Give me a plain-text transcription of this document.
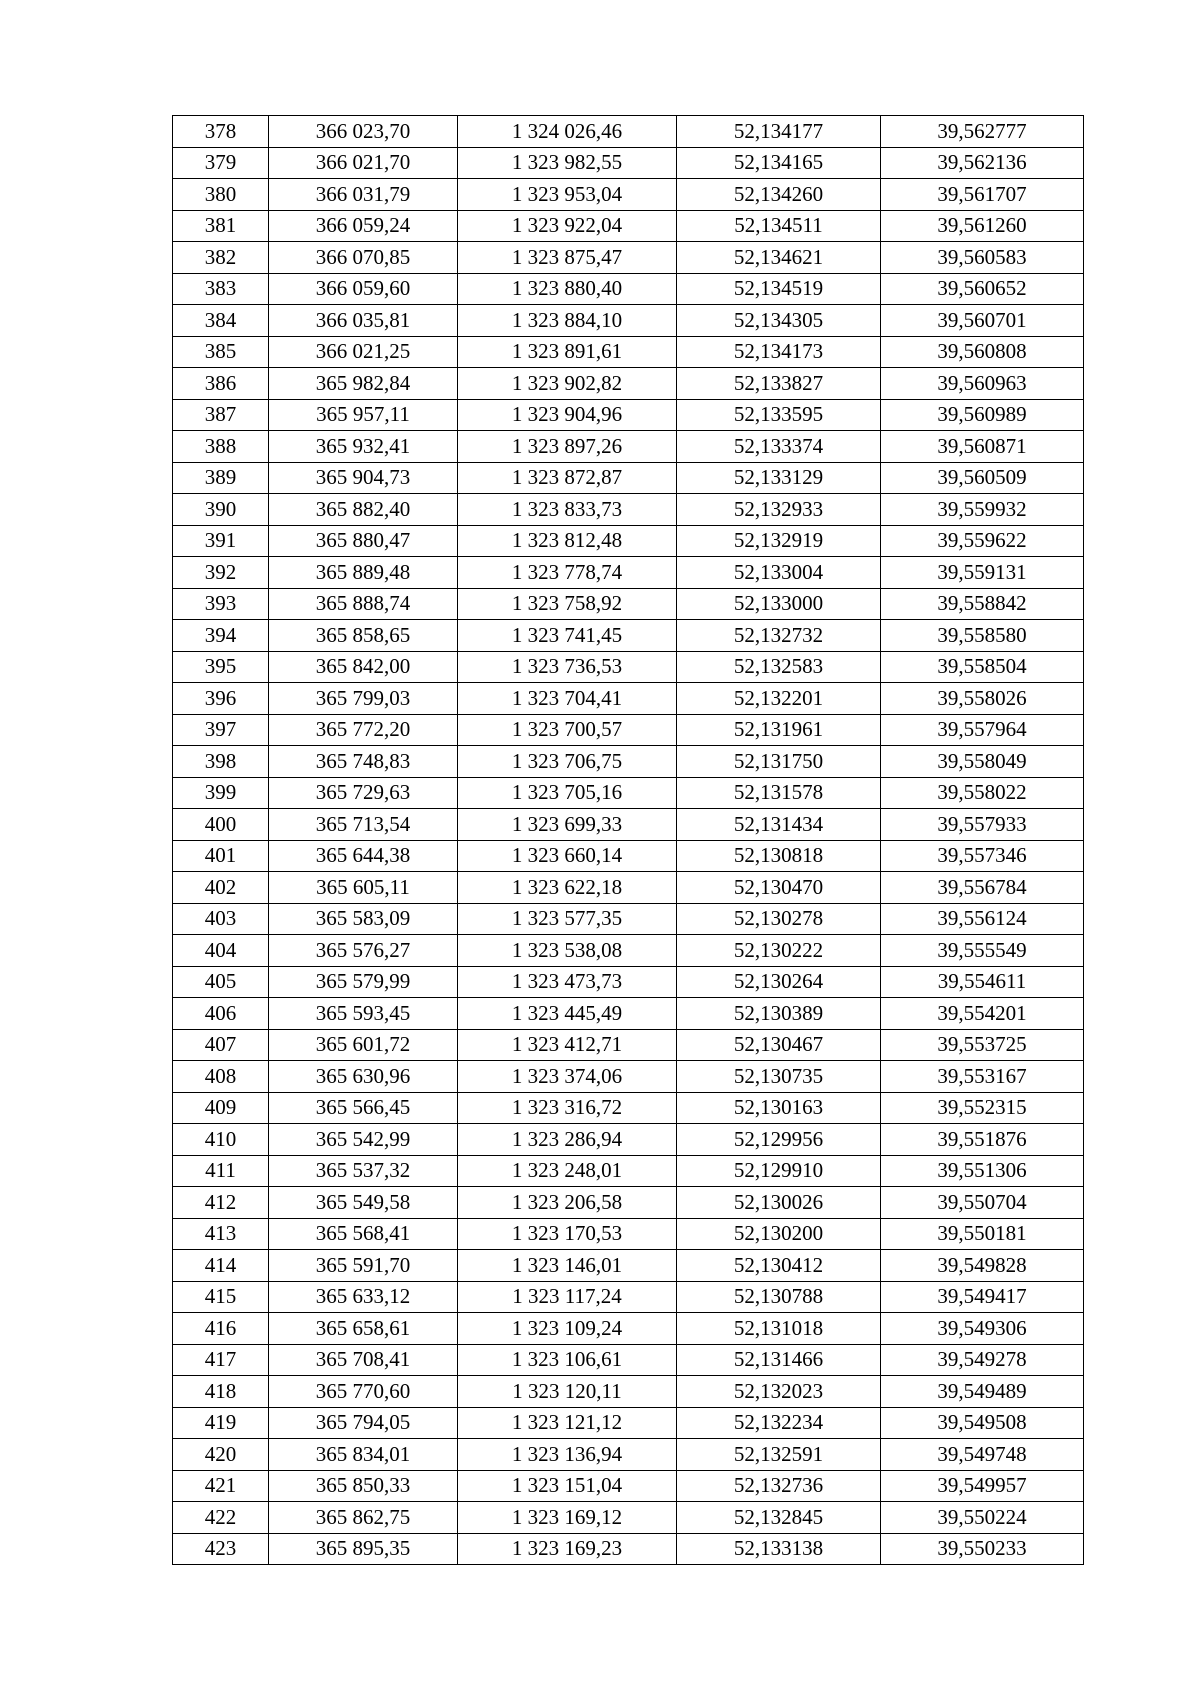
378	366 023,70	1 324 026,46	52,134177	39,562777
379	366 021,70	1 323 982,55	52,134165	39,562136
380	366 031,79	1 323 953,04	52,134260	39,561707
381	366 059,24	1 323 922,04	52,134511	39,561260
382	366 070,85	1 323 875,47	52,134621	39,560583
383	366 059,60	1 323 880,40	52,134519	39,560652
384	366 035,81	1 323 884,10	52,134305	39,560701
385	366 021,25	1 323 891,61	52,134173	39,560808
386	365 982,84	1 323 902,82	52,133827	39,560963
387	365 957,11	1 323 904,96	52,133595	39,560989
388	365 932,41	1 323 897,26	52,133374	39,560871
389	365 904,73	1 323 872,87	52,133129	39,560509
390	365 882,40	1 323 833,73	52,132933	39,559932
391	365 880,47	1 323 812,48	52,132919	39,559622
392	365 889,48	1 323 778,74	52,133004	39,559131
393	365 888,74	1 323 758,92	52,133000	39,558842
394	365 858,65	1 323 741,45	52,132732	39,558580
395	365 842,00	1 323 736,53	52,132583	39,558504
396	365 799,03	1 323 704,41	52,132201	39,558026
397	365 772,20	1 323 700,57	52,131961	39,557964
398	365 748,83	1 323 706,75	52,131750	39,558049
399	365 729,63	1 323 705,16	52,131578	39,558022
400	365 713,54	1 323 699,33	52,131434	39,557933
401	365 644,38	1 323 660,14	52,130818	39,557346
402	365 605,11	1 323 622,18	52,130470	39,556784
403	365 583,09	1 323 577,35	52,130278	39,556124
404	365 576,27	1 323 538,08	52,130222	39,555549
405	365 579,99	1 323 473,73	52,130264	39,554611
406	365 593,45	1 323 445,49	52,130389	39,554201
407	365 601,72	1 323 412,71	52,130467	39,553725
408	365 630,96	1 323 374,06	52,130735	39,553167
409	365 566,45	1 323 316,72	52,130163	39,552315
410	365 542,99	1 323 286,94	52,129956	39,551876
411	365 537,32	1 323 248,01	52,129910	39,551306
412	365 549,58	1 323 206,58	52,130026	39,550704
413	365 568,41	1 323 170,53	52,130200	39,550181
414	365 591,70	1 323 146,01	52,130412	39,549828
415	365 633,12	1 323 117,24	52,130788	39,549417
416	365 658,61	1 323 109,24	52,131018	39,549306
417	365 708,41	1 323 106,61	52,131466	39,549278
418	365 770,60	1 323 120,11	52,132023	39,549489
419	365 794,05	1 323 121,12	52,132234	39,549508
420	365 834,01	1 323 136,94	52,132591	39,549748
421	365 850,33	1 323 151,04	52,132736	39,549957
422	365 862,75	1 323 169,12	52,132845	39,550224
423	365 895,35	1 323 169,23	52,133138	39,550233
